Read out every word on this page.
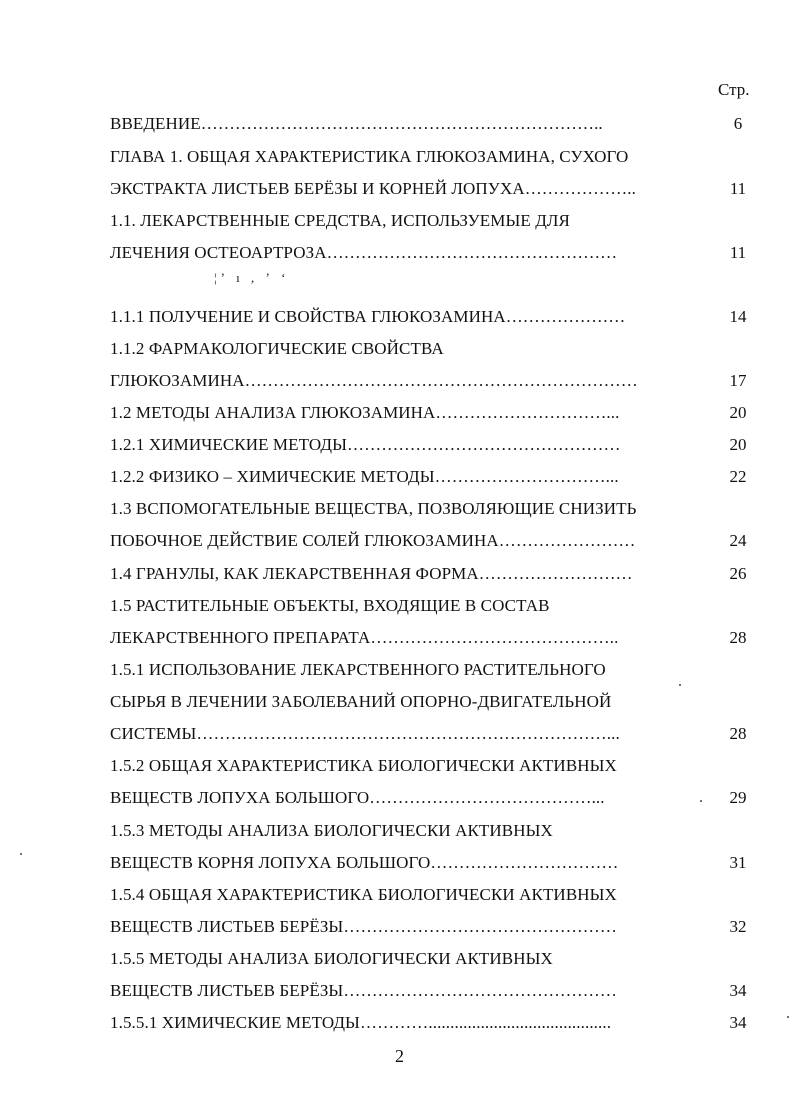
Стр.
ВВЕДЕНИЕ……………………………………………………………..	6
ГЛАВА 1. ОБЩАЯ ХАРАКТЕРИСТИКА ГЛЮКОЗАМИНА, СУХОГО
ЭКСТРАКТА ЛИСТЬЕВ БЕРЁЗЫ И КОРНЕЙ ЛОПУХА………………..	11
1.1. ЛЕКАРСТВЕННЫЕ СРЕДСТВА, ИСПОЛЬЗУЕМЫЕ ДЛЯ
ЛЕЧЕНИЯ ОСТЕОАРТРОЗА……………………………………………	11
¦ʼ ı , ʼ ʻ
1.1.1 ПОЛУЧЕНИЕ И СВОЙСТВА ГЛЮКОЗАМИНА…………………	14
1.1.2 ФАРМАКОЛОГИЧЕСКИЕ СВОЙСТВА
ГЛЮКОЗАМИНА……………………………………………………………	17
1.2 МЕТОДЫ АНАЛИЗА ГЛЮКОЗАМИНА…………………………...	20
1.2.1 ХИМИЧЕСКИЕ МЕТОДЫ…………………………………………	20
1.2.2 ФИЗИКО – ХИМИЧЕСКИЕ МЕТОДЫ…………………………...	22
1.3 ВСПОМОГАТЕЛЬНЫЕ ВЕЩЕСТВА, ПОЗВОЛЯЮЩИЕ СНИЗИТЬ
ПОБОЧНОЕ ДЕЙСТВИЕ СОЛЕЙ ГЛЮКОЗАМИНА……………………	24
1.4 ГРАНУЛЫ, КАК ЛЕКАРСТВЕННАЯ ФОРМА………………………	26
1.5 РАСТИТЕЛЬНЫЕ ОБЪЕКТЫ, ВХОДЯЩИЕ В СОСТАВ
ЛЕКАРСТВЕННОГО ПРЕПАРАТА……………………………………..	28
1.5.1 ИСПОЛЬЗОВАНИЕ ЛЕКАРСТВЕННОГО РАСТИТЕЛЬНОГО
СЫРЬЯ В ЛЕЧЕНИИ ЗАБОЛЕВАНИЙ ОПОРНО-ДВИГАТЕЛЬНОЙ
СИСТЕМЫ………………………………………………………………...	28
1.5.2 ОБЩАЯ ХАРАКТЕРИСТИКА БИОЛОГИЧЕСКИ АКТИВНЫХ
ВЕЩЕСТВ ЛОПУХА БОЛЬШОГО…………………………………...	29
1.5.3 МЕТОДЫ АНАЛИЗА БИОЛОГИЧЕСКИ АКТИВНЫХ
ВЕЩЕСТВ КОРНЯ ЛОПУХА БОЛЬШОГО……………………………	31
1.5.4 ОБЩАЯ ХАРАКТЕРИСТИКА БИОЛОГИЧЕСКИ АКТИВНЫХ
ВЕЩЕСТВ ЛИСТЬЕВ БЕРЁЗЫ…………………………………………	32
1.5.5 МЕТОДЫ АНАЛИЗА БИОЛОГИЧЕСКИ АКТИВНЫХ
ВЕЩЕСТВ ЛИСТЬЕВ БЕРЁЗЫ…………………………………………	34
1.5.5.1 ХИМИЧЕСКИЕ МЕТОДЫ…………..........................................	34
2
